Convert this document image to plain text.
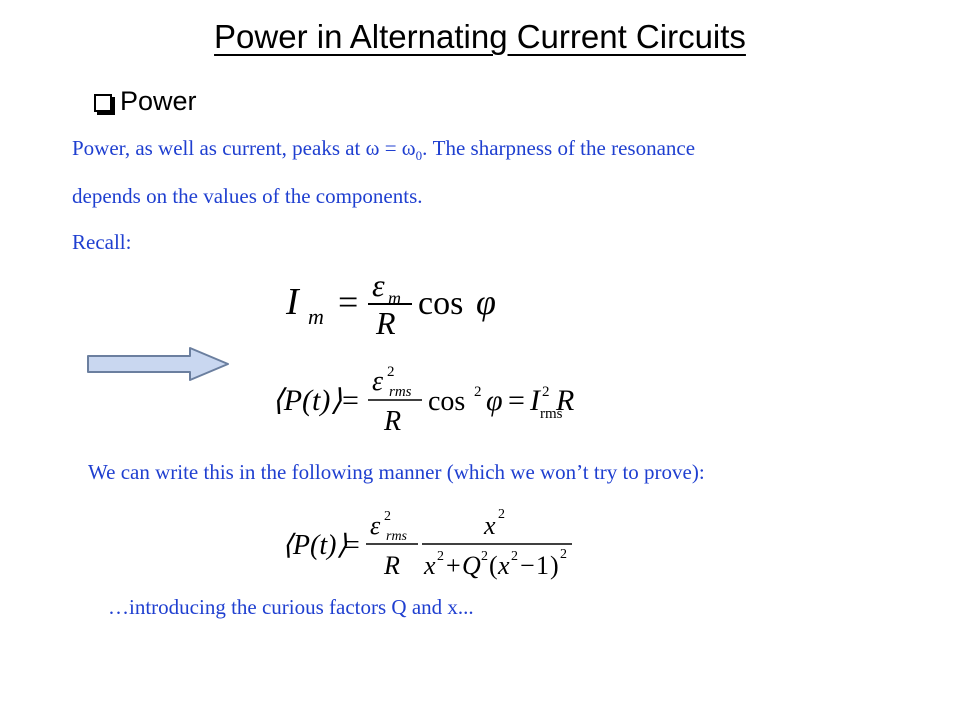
Power in Alternating Current Circuits
Power
Power, as well as current, peaks at $\omega = \omega_0$. The sharpness of the resonance
depends on the values of the components.
Recall:
I m = ε m
R
cos φ
⟨P(t)⟩ =
ε 2
rms
R
cos 2 φ = I 2
rms
R
We can write this in the following manner (which we won’t try to prove):
⟨P(t)⟩
=
ε 2
rms
R
x 2
x 2 + Q 2 ( x 2 − 1 ) 2
…introducing the curious factors Q and x...
